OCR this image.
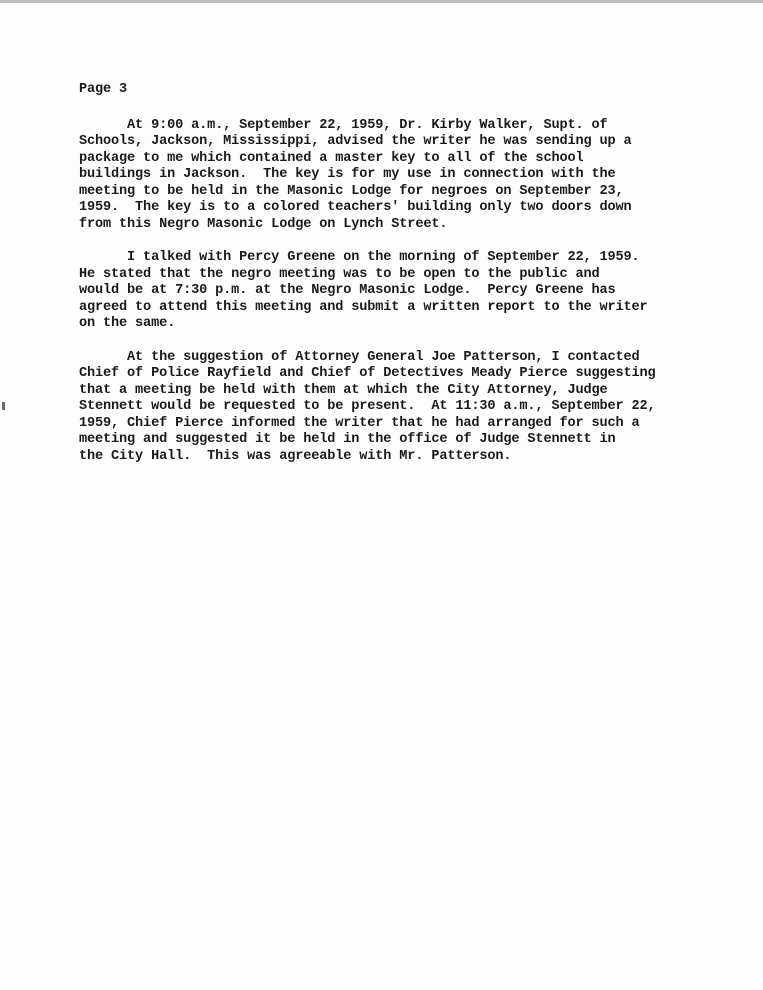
Page 3
At 9:00 a.m., September 22, 1959, Dr. Kirby Walker, Supt. of
Schools, Jackson, Mississippi, advised the writer he was sending up a
package to me which contained a master key to all of the school
buildings in Jackson.  The key is for my use in connection with the
meeting to be held in the Masonic Lodge for negroes on September 23,
1959.  The key is to a colored teachers' building only two doors down
from this Negro Masonic Lodge on Lynch Street.
I talked with Percy Greene on the morning of September 22, 1959.
He stated that the negro meeting was to be open to the public and
would be at 7:30 p.m. at the Negro Masonic Lodge.  Percy Greene has
agreed to attend this meeting and submit a written report to the writer
on the same.
At the suggestion of Attorney General Joe Patterson, I contacted
Chief of Police Rayfield and Chief of Detectives Meady Pierce suggesting
that a meeting be held with them at which the City Attorney, Judge
Stennett would be requested to be present.  At 11:30 a.m., September 22,
1959, Chief Pierce informed the writer that he had arranged for such a
meeting and suggested it be held in the office of Judge Stennett in
the City Hall.  This was agreeable with Mr. Patterson.
